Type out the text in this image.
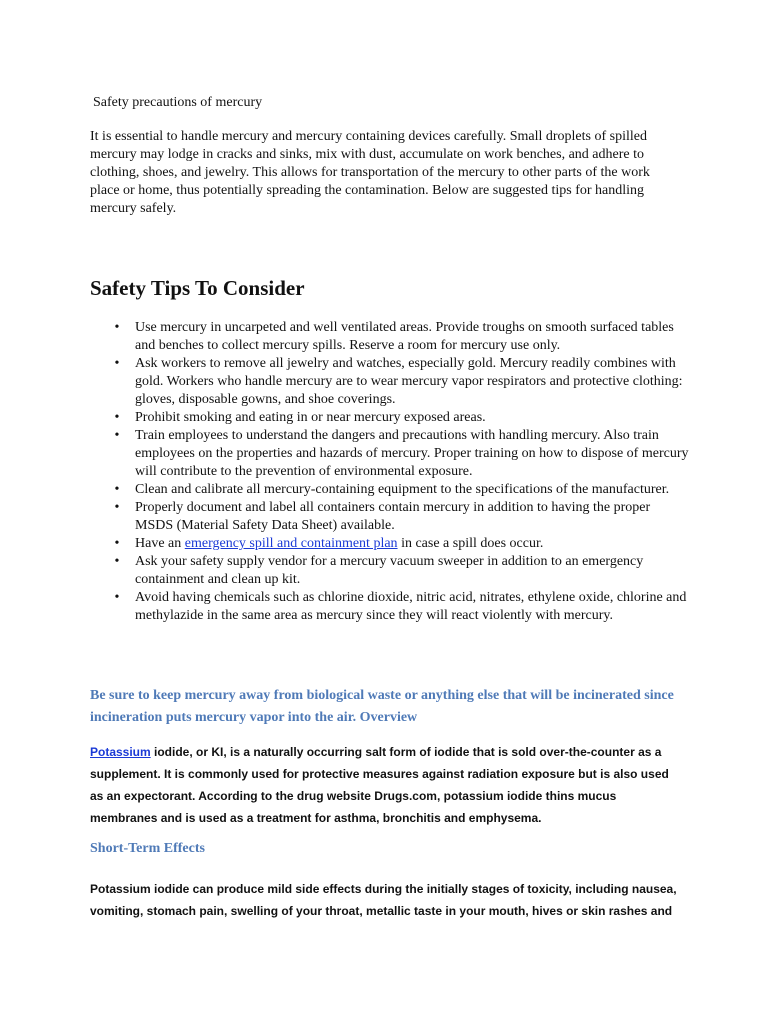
Safety precautions of mercury

It is essential to handle mercury and mercury containing devices carefully. Small droplets of spilled mercury may lodge in cracks and sinks, mix with dust, accumulate on work benches, and adhere to clothing, shoes, and jewelry. This allows for transportation of the mercury to other parts of the work place or home, thus potentially spreading the contamination. Below are suggested tips for handling mercury safely.

Safety Tips To Consider
• Use mercury in uncarpeted and well ventilated areas. Provide troughs on smooth surfaced tables and benches to collect mercury spills. Reserve a room for mercury use only.
• Ask workers to remove all jewelry and watches, especially gold. Mercury readily combines with gold. Workers who handle mercury are to wear mercury vapor respirators and protective clothing: gloves, disposable gowns, and shoe coverings.
• Prohibit smoking and eating in or near mercury exposed areas.
• Train employees to understand the dangers and precautions with handling mercury. Also train employees on the properties and hazards of mercury. Proper training on how to dispose of mercury will contribute to the prevention of environmental exposure.
• Clean and calibrate all mercury-containing equipment to the specifications of the manufacturer.
• Properly document and label all containers contain mercury in addition to having the proper MSDS (Material Safety Data Sheet) available.
• Have an emergency spill and containment plan in case a spill does occur.
• Ask your safety supply vendor for a mercury vacuum sweeper in addition to an emergency containment and clean up kit.
• Avoid having chemicals such as chlorine dioxide, nitric acid, nitrates, ethylene oxide, chlorine and methylazide in the same area as mercury since they will react violently with mercury.

Be sure to keep mercury away from biological waste or anything else that will be incinerated since incineration puts mercury vapor into the air. Overview

Potassium iodide, or KI, is a naturally occurring salt form of iodide that is sold over-the-counter as a supplement. It is commonly used for protective measures against radiation exposure but is also used as an expectorant. According to the drug website Drugs.com, potassium iodide thins mucus membranes and is used as a treatment for asthma, bronchitis and emphysema.

Short-Term Effects

Potassium iodide can produce mild side effects during the initially stages of toxicity, including nausea, vomiting, stomach pain, swelling of your throat, metallic taste in your mouth, hives or skin rashes and
